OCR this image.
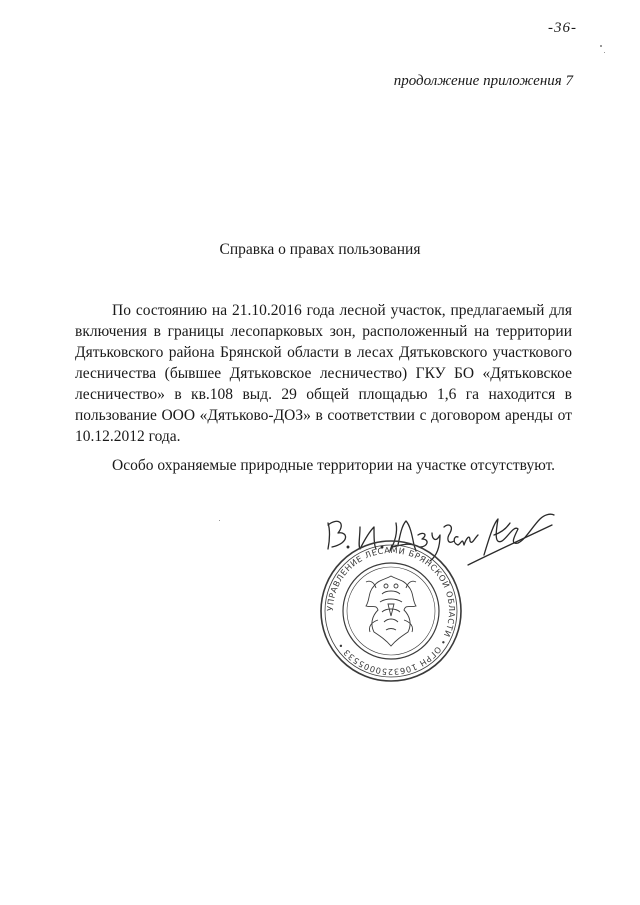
-36-
продолжение приложения 7
Справка о правах пользования

По состоянию на 21.10.2016 года лесной участок, предлагаемый для включения в границы лесопарковых зон, расположенный на территории Дятьковского района Брянской области в лесах Дятьковского участкового лесничества (бывшее Дятьковское лесничество) ГКУ БО «Дятьковское лесничество» в кв.108 выд. 29 общей площадью 1,6 га находится в пользование ООО «Дятьково-ДОЗ» в соответствии с договором аренды от 10.12.2012 года.

Особо охраняемые природные территории на участке отсутствуют.

УПРАВЛЕНИЕ ЛЕСАМИ БРЯНСКОЙ ОБЛАСТИ • ОГРН 1063250005533 •
